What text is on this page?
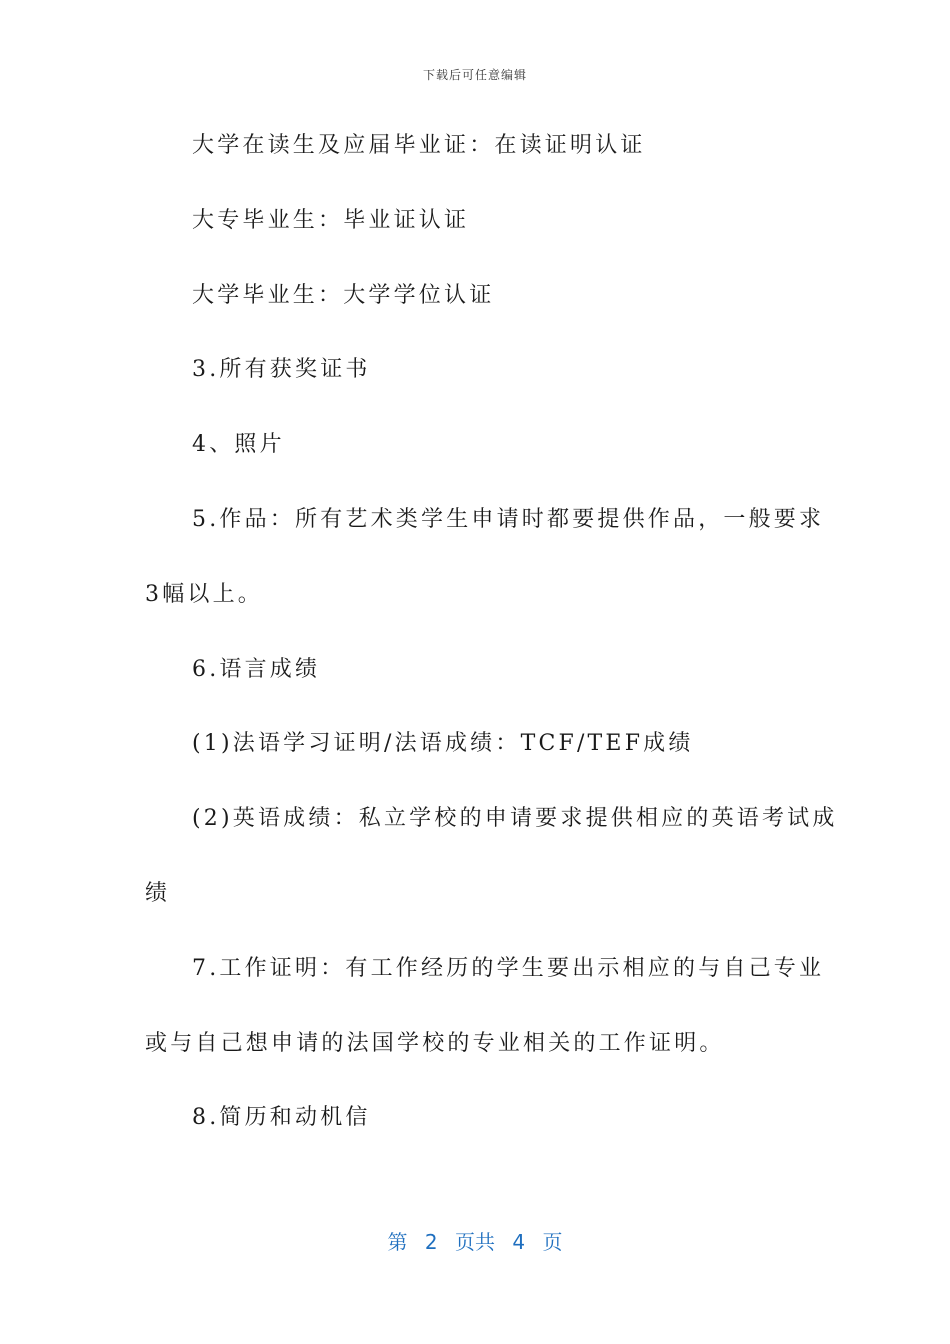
下载后可任意编辑

大学在读生及应届毕业证：在读证明认证

大专毕业生：毕业证认证

大学毕业生：大学学位认证

3.所有获奖证书

4、照片

5.作品：所有艺术类学生申请时都要提供作品，一般要求

3幅以上。

6.语言成绩

(1)法语学习证明/法语成绩：TCF/TEF成绩

(2)英语成绩：私立学校的申请要求提供相应的英语考试成

绩

7.工作证明：有工作经历的学生要出示相应的与自己专业

或与自己想申请的法国学校的专业相关的工作证明。

8.简历和动机信

第 2 页共 4 页
